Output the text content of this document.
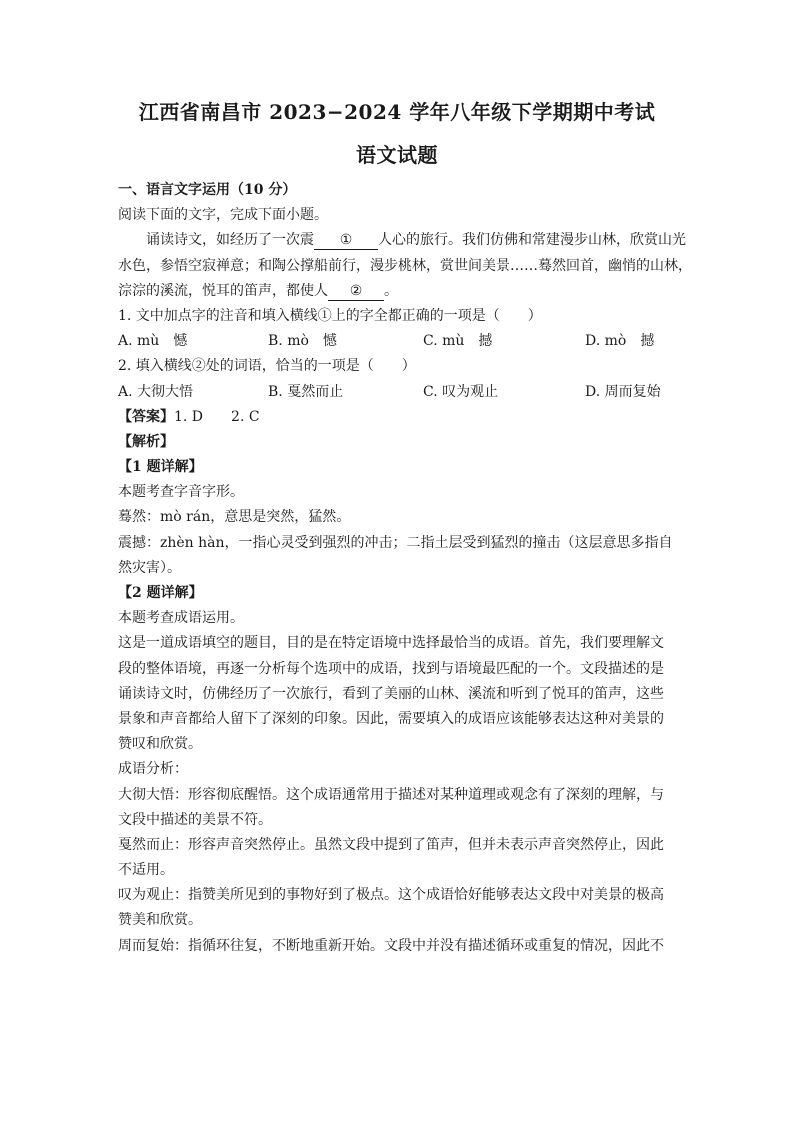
江西省南昌市 2023−2024 学年八年级下学期期中考试
语文试题
一、语言文字运用（10 分）
阅读下面的文字，完成下面小题。
诵读诗文，如经历了一次震 ① 人心的旅行。我们仿佛和常建漫步山林，欣赏山光
水色，参悟空寂禅意；和陶公撑船前行，漫步桃林，赏世间美景……蓦然回首，幽悄的山林，
淙淙的溪流，悦耳的笛声，都使人 ② 。
1. 文中加点字的注音和填入横线①上的字全都正确的一项是（　　）
A. mù　憾	B. mò　憾	C. mù　撼	D. mò　撼
2. 填入横线②处的词语，恰当的一项是（　　）
A. 大彻大悟	B. 戛然而止	C. 叹为观止	D. 周而复始
【答案】1. D　　2. C
【解析】
【1 题详解】
本题考查字音字形。
蓦然：mò rán，意思是突然，猛然。
震撼：zhèn hàn，一指心灵受到强烈的冲击；二指土层受到猛烈的撞击（这层意思多指自
然灾害）。
【2 题详解】
本题考查成语运用。
这是一道成语填空的题目，目的是在特定语境中选择最恰当的成语。首先，我们要理解文
段的整体语境，再逐一分析每个选项中的成语，找到与语境最匹配的一个。文段描述的是
诵读诗文时，仿佛经历了一次旅行，看到了美丽的山林、溪流和听到了悦耳的笛声，这些
景象和声音都给人留下了深刻的印象。因此，需要填入的成语应该能够表达这种对美景的
赞叹和欣赏。
成语分析：
大彻大悟：形容彻底醒悟。这个成语通常用于描述对某种道理或观念有了深刻的理解，与
文段中描述的美景不符。
戛然而止：形容声音突然停止。虽然文段中提到了笛声，但并未表示声音突然停止，因此
不适用。
叹为观止：指赞美所见到的事物好到了极点。这个成语恰好能够表达文段中对美景的极高
赞美和欣赏。
周而复始：指循环往复，不断地重新开始。文段中并没有描述循环或重复的情况，因此不
